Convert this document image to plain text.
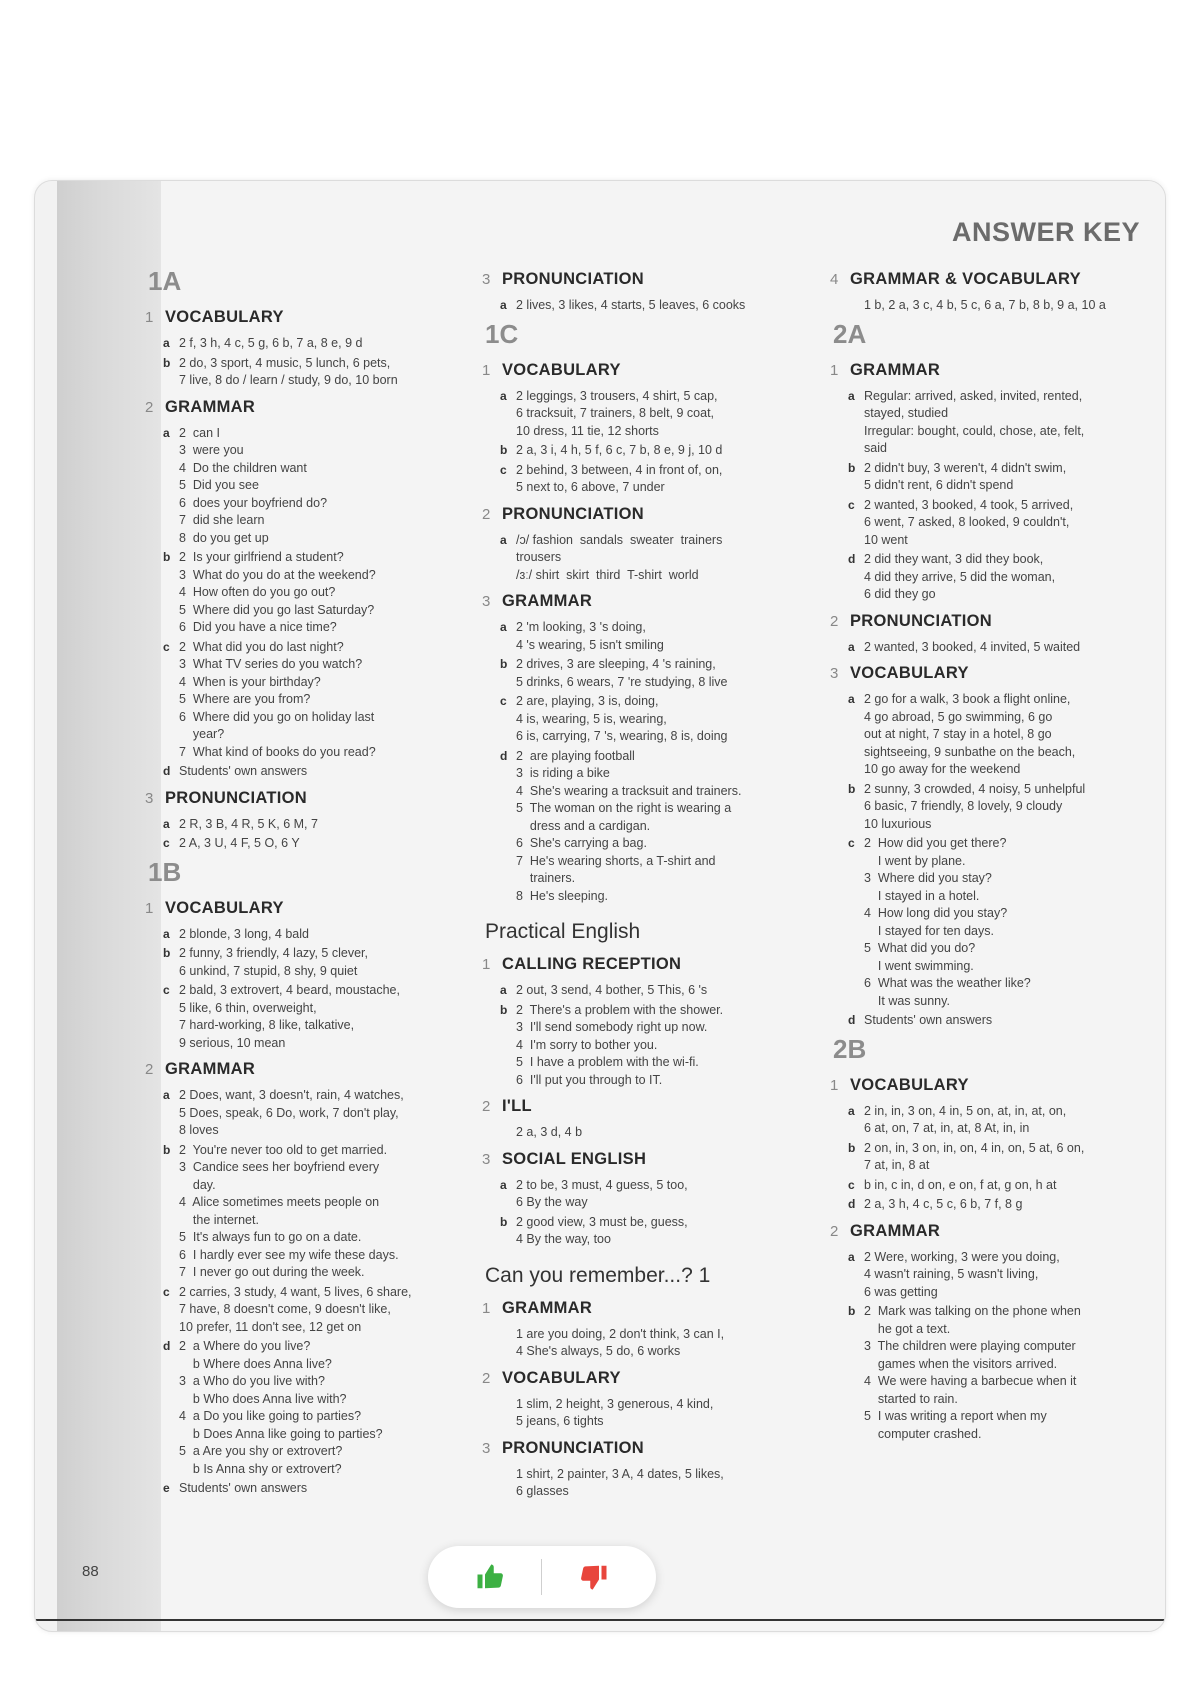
ANSWER KEY
88
1A
1 VOCABULARY
a 2 f, 3 h, 4 c, 5 g, 6 b, 7 a, 8 e, 9 d
b 2 do, 3 sport, 4 music, 5 lunch, 6 pets,
7 live, 8 do / learn / study, 9 do, 10 born
2 GRAMMAR
a 2  can I
3  were you
4  Do the children want
5  Did you see
6  does your boyfriend do?
7  did she learn
8  do you get up
b 2  Is your girlfriend a student?
3  What do you do at the weekend?
4  How often do you go out?
5  Where did you go last Saturday?
6  Did you have a nice time?
c 2  What did you do last night?
3  What TV series do you watch?
4  When is your birthday?
5  Where are you from?
6  Where did you go on holiday last
year?
7  What kind of books do you read?
d Students' own answers
3 PRONUNCIATION
a 2 R, 3 B, 4 R, 5 K, 6 M, 7
c 2 A, 3 U, 4 F, 5 O, 6 Y
1B
1 VOCABULARY
a 2 blonde, 3 long, 4 bald
b 2 funny, 3 friendly, 4 lazy, 5 clever,
6 unkind, 7 stupid, 8 shy, 9 quiet
c 2 bald, 3 extrovert, 4 beard, moustache,
5 like, 6 thin, overweight,
7 hard-working, 8 like, talkative,
9 serious, 10 mean
2 GRAMMAR
a 2 Does, want, 3 doesn't, rain, 4 watches,
5 Does, speak, 6 Do, work, 7 don't play,
8 loves
b 2  You're never too old to get married.
3  Candice sees her boyfriend every
day.
4  Alice sometimes meets people on
the internet.
5  It's always fun to go on a date.
6  I hardly ever see my wife these days.
7  I never go out during the week.
c 2 carries, 3 study, 4 want, 5 lives, 6 share,
7 have, 8 doesn't come, 9 doesn't like,
10 prefer, 11 don't see, 12 get on
d 2  a Where do you live?
b Where does Anna live?
3  a Who do you live with?
b Who does Anna live with?
4  a Do you like going to parties?
b Does Anna like going to parties?
5  a Are you shy or extrovert?
b Is Anna shy or extrovert?
e Students' own answers
3 PRONUNCIATION
a 2 lives, 3 likes, 4 starts, 5 leaves, 6 cooks
1C
1 VOCABULARY
a 2 leggings, 3 trousers, 4 shirt, 5 cap,
6 tracksuit, 7 trainers, 8 belt, 9 coat,
10 dress, 11 tie, 12 shorts
b 2 a, 3 i, 4 h, 5 f, 6 c, 7 b, 8 e, 9 j, 10 d
c 2 behind, 3 between, 4 in front of, on,
5 next to, 6 above, 7 under
2 PRONUNCIATION
a /ɔ/ fashion  sandals  sweater  trainers
trousers
/ɜː/ shirt  skirt  third  T-shirt  world
3 GRAMMAR
a 2 'm looking, 3 's doing,
4 's wearing, 5 isn't smiling
b 2 drives, 3 are sleeping, 4 's raining,
5 drinks, 6 wears, 7 're studying, 8 live
c 2 are, playing, 3 is, doing,
4 is, wearing, 5 is, wearing,
6 is, carrying, 7 's, wearing, 8 is, doing
d 2  are playing football
3  is riding a bike
4  She's wearing a tracksuit and trainers.
5  The woman on the right is wearing a
dress and a cardigan.
6  She's carrying a bag.
7  He's wearing shorts, a T-shirt and
trainers.
8  He's sleeping.
Practical English
1 CALLING RECEPTION
a 2 out, 3 send, 4 bother, 5 This, 6 's
b 2  There's a problem with the shower.
3  I'll send somebody right up now.
4  I'm sorry to bother you.
5  I have a problem with the wi-fi.
6  I'll put you through to IT.
2 I'LL
2 a, 3 d, 4 b
3 SOCIAL ENGLISH
a 2 to be, 3 must, 4 guess, 5 too,
6 By the way
b 2 good view, 3 must be, guess,
4 By the way, too
Can you remember...? 1
1 GRAMMAR
1 are you doing, 2 don't think, 3 can I,
4 She's always, 5 do, 6 works
2 VOCABULARY
1 slim, 2 height, 3 generous, 4 kind,
5 jeans, 6 tights
3 PRONUNCIATION
1 shirt, 2 painter, 3 A, 4 dates, 5 likes,
6 glasses
4 GRAMMAR & VOCABULARY
1 b, 2 a, 3 c, 4 b, 5 c, 6 a, 7 b, 8 b, 9 a, 10 a
2A
1 GRAMMAR
a Regular: arrived, asked, invited, rented,
stayed, studied
Irregular: bought, could, chose, ate, felt,
said
b 2 didn't buy, 3 weren't, 4 didn't swim,
5 didn't rent, 6 didn't spend
c 2 wanted, 3 booked, 4 took, 5 arrived,
6 went, 7 asked, 8 looked, 9 couldn't,
10 went
d 2 did they want, 3 did they book,
4 did they arrive, 5 did the woman,
6 did they go
2 PRONUNCIATION
a 2 wanted, 3 booked, 4 invited, 5 waited
3 VOCABULARY
a 2 go for a walk, 3 book a flight online,
4 go abroad, 5 go swimming, 6 go
out at night, 7 stay in a hotel, 8 go
sightseeing, 9 sunbathe on the beach,
10 go away for the weekend
b 2 sunny, 3 crowded, 4 noisy, 5 unhelpful
6 basic, 7 friendly, 8 lovely, 9 cloudy
10 luxurious
c 2  How did you get there?
I went by plane.
3  Where did you stay?
I stayed in a hotel.
4  How long did you stay?
I stayed for ten days.
5  What did you do?
I went swimming.
6  What was the weather like?
It was sunny.
d Students' own answers
2B
1 VOCABULARY
a 2 in, in, 3 on, 4 in, 5 on, at, in, at, on,
6 at, on, 7 at, in, at, 8 At, in, in
b 2 on, in, 3 on, in, on, 4 in, on, 5 at, 6 on,
7 at, in, 8 at
c b in, c in, d on, e on, f at, g on, h at
d 2 a, 3 h, 4 c, 5 c, 6 b, 7 f, 8 g
2 GRAMMAR
a 2 Were, working, 3 were you doing,
4 wasn't raining, 5 wasn't living,
6 was getting
b 2  Mark was talking on the phone when
he got a text.
3  The children were playing computer
games when the visitors arrived.
4  We were having a barbecue when it
started to rain.
5  I was writing a report when my
computer crashed.
